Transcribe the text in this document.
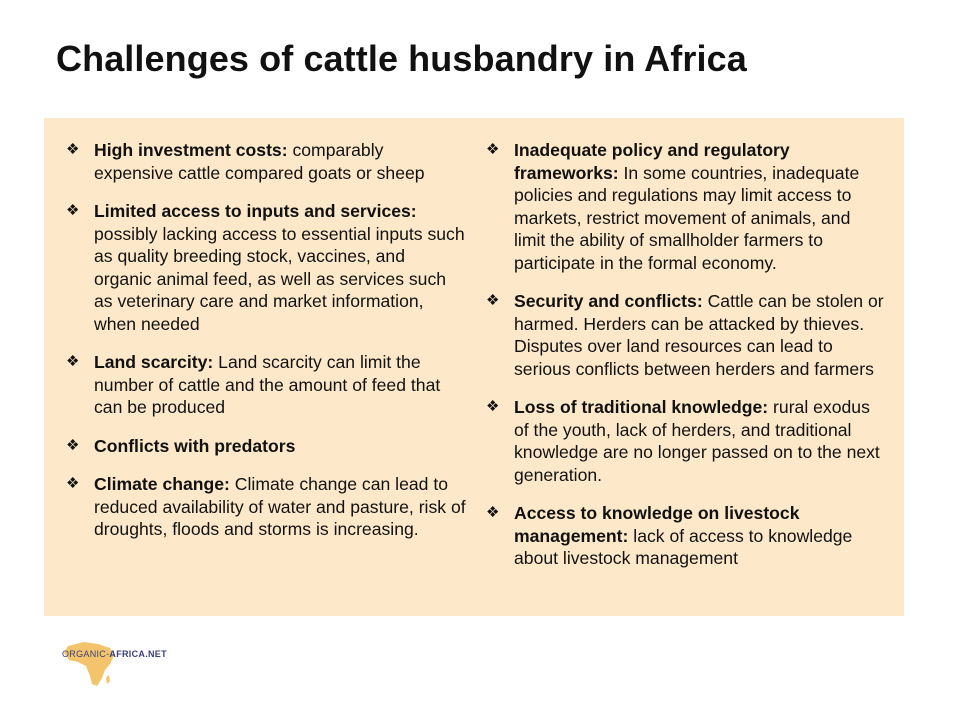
Challenges of cattle husbandry in Africa
❖ High investment costs: comparably expensive cattle compared goats or sheep
❖ Limited access to inputs and services: possibly lacking access to essential inputs such as quality breeding stock, vaccines, and organic animal feed, as well as services such as veterinary care and market information, when needed
❖ Land scarcity: Land scarcity can limit the number of cattle and the amount of feed that can be produced
❖ Conflicts with predators
❖ Climate change: Climate change can lead to reduced availability of water and pasture, risk of droughts, floods and storms is increasing.
❖ Inadequate policy and regulatory frameworks: In some countries, inadequate policies and regulations may limit access to markets, restrict movement of animals, and limit the ability of smallholder farmers to participate in the formal economy.
❖ Security and conflicts: Cattle can be stolen or harmed. Herders can be attacked by thieves. Disputes over land resources can lead to serious conflicts between herders and farmers
❖ Loss of traditional knowledge: rural exodus of the youth, lack of herders, and traditional knowledge are no longer passed on to the next generation.
❖ Access to knowledge on livestock management: lack of access to knowledge about livestock management
ORGANIC-AFRICA.NET
